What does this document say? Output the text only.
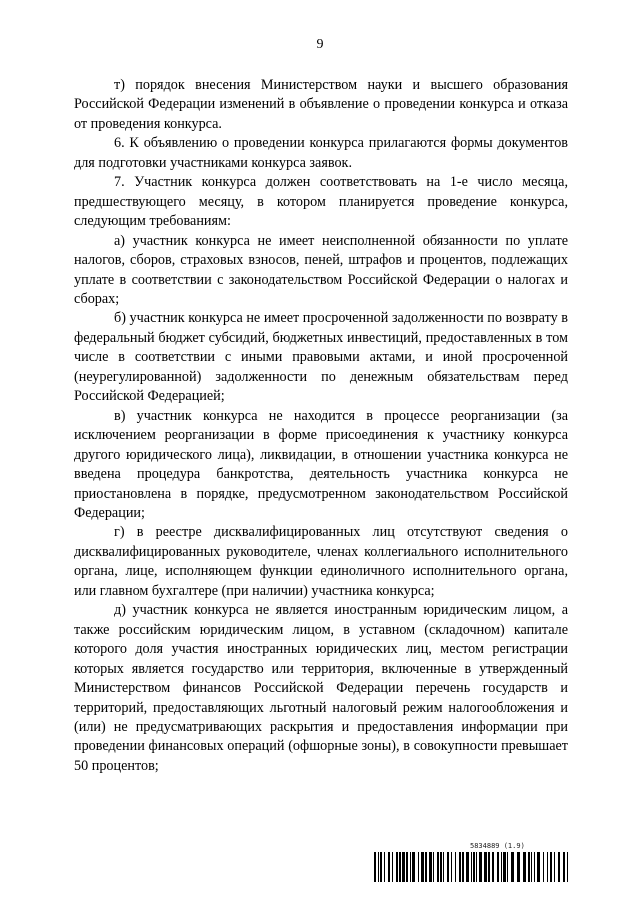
9

т) порядок внесения Министерством науки и высшего образования Российской Федерации изменений в объявление о проведении конкурса и отказа от проведения конкурса.

6. К объявлению о проведении конкурса прилагаются формы документов для подготовки участниками конкурса заявок.

7. Участник конкурса должен соответствовать на 1-е число месяца, предшествующего месяцу, в котором планируется проведение конкурса, следующим требованиям:

а) участник конкурса не имеет неисполненной обязанности по уплате налогов, сборов, страховых взносов, пеней, штрафов и процентов, подлежащих уплате в соответствии с законодательством Российской Федерации о налогах и сборах;

б) участник конкурса не имеет просроченной задолженности по возврату в федеральный бюджет субсидий, бюджетных инвестиций, предоставленных в том числе в соответствии с иными правовыми актами, и иной просроченной (неурегулированной) задолженности по денежным обязательствам перед Российской Федерацией;

в) участник конкурса не находится в процессе реорганизации (за исключением реорганизации в форме присоединения к участнику конкурса другого юридического лица), ликвидации, в отношении участника конкурса не введена процедура банкротства, деятельность участника конкурса не приостановлена в порядке, предусмотренном законодательством Российской Федерации;

г) в реестре дисквалифицированных лиц отсутствуют сведения о дисквалифицированных руководителе, членах коллегиального исполнительного органа, лице, исполняющем функции единоличного исполнительного органа, или главном бухгалтере (при наличии) участника конкурса;

д) участник конкурса не является иностранным юридическим лицом, а также российским юридическим лицом, в уставном (складочном) капитале которого доля участия иностранных юридических лиц, местом регистрации которых является государство или территория, включенные в утвержденный Министерством финансов Российской Федерации перечень государств и территорий, предоставляющих льготный налоговый режим налогообложения и (или) не предусматривающих раскрытия и предоставления информации при проведении финансовых операций (офшорные зоны), в совокупности превышает 50 процентов;

5834889 (1.9)
